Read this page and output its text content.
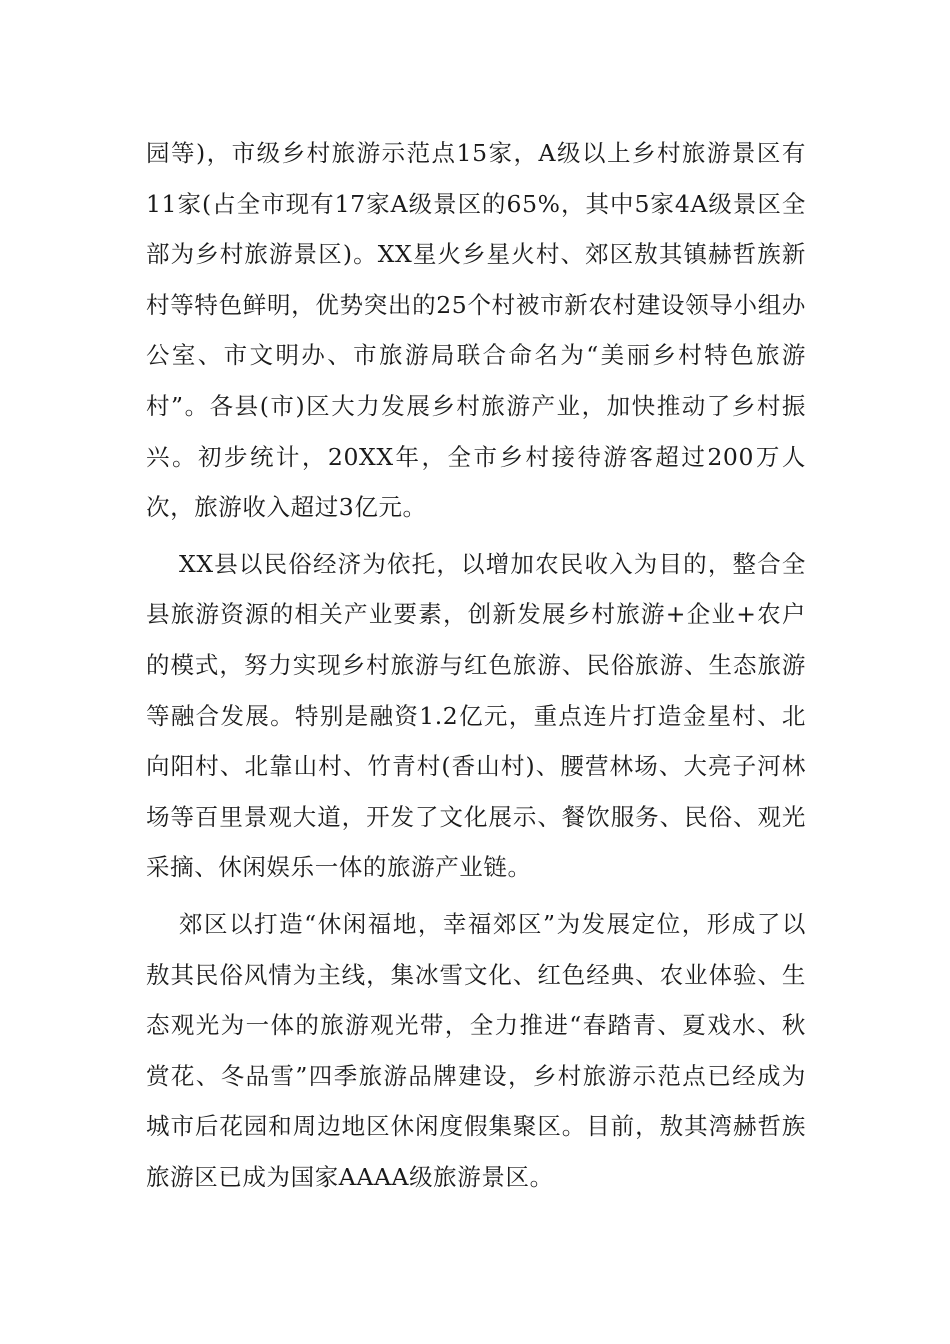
园等)，市级乡村旅游示范点15家，A级以上乡村旅游景区有11家(占全市现有17家A级景区的65%，其中5家4A级景区全部为乡村旅游景区)。XX星火乡星火村、郊区敖其镇赫哲族新村等特色鲜明，优势突出的25个村被市新农村建设领导小组办公室、市文明办、市旅游局联合命名为“美丽乡村特色旅游村”。各县(市)区大力发展乡村旅游产业，加快推动了乡村振兴。初步统计，20XX年，全市乡村接待游客超过200万人次，旅游收入超过3亿元。

XX县以民俗经济为依托，以增加农民收入为目的，整合全县旅游资源的相关产业要素，创新发展乡村旅游+企业+农户的模式，努力实现乡村旅游与红色旅游、民俗旅游、生态旅游等融合发展。特别是融资1.2亿元，重点连片打造金星村、北向阳村、北靠山村、竹青村(香山村)、腰营林场、大亮子河林场等百里景观大道，开发了文化展示、餐饮服务、民俗、观光采摘、休闲娱乐一体的旅游产业链。

郊区以打造“休闲福地，幸福郊区”为发展定位，形成了以敖其民俗风情为主线，集冰雪文化、红色经典、农业体验、生态观光为一体的旅游观光带，全力推进“春踏青、夏戏水、秋赏花、冬品雪”四季旅游品牌建设，乡村旅游示范点已经成为城市后花园和周边地区休闲度假集聚区。目前，敖其湾赫哲族旅游区已成为国家AAAA级旅游景区。
